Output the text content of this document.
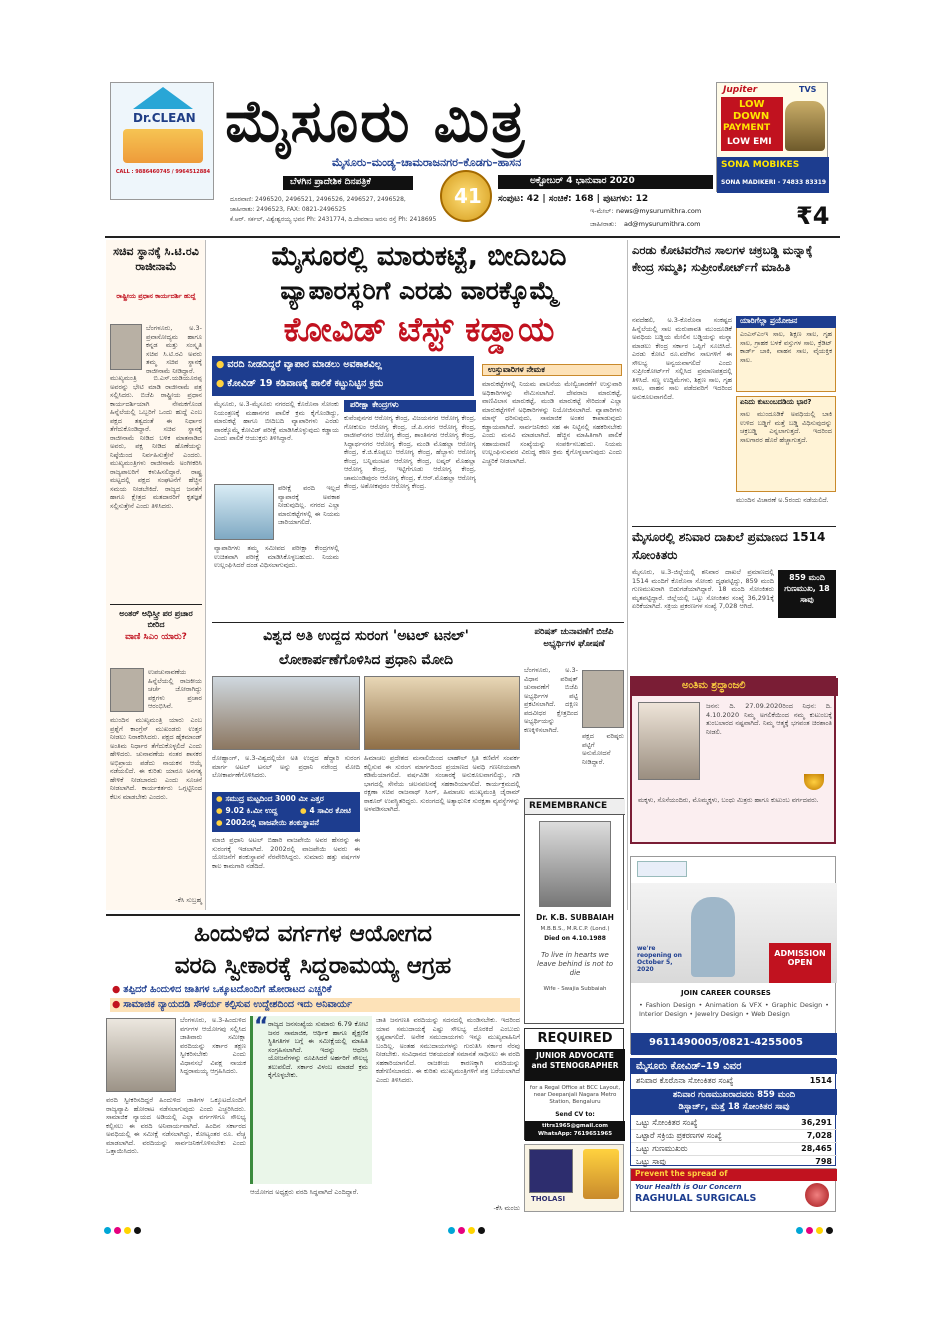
Dr.CLEAN
CALL : 9886460745 / 9964512884
ಮೈಸೂರು ಮಿತ್ರ
ಮೈಸೂರು–ಮಂಡ್ಯ–ಚಾಮರಾಜನಗರ–ಕೊಡಗು–ಹಾಸನ
ಬೆಳಗಿನ ಪ್ರಾದೇಶಿಕ ದಿನಪತ್ರಿಕೆ
41
ಅಕ್ಟೋಬರ್ 4 ಭಾನುವಾರ 2020
ಸಂಪುಟ: 42 | ಸಂಚಿಕೆ: 168 | ಪುಟಗಳು: 12
Jupiter	TVS
LOW
DOWN
PAYMENT
LOW EMI
SONA MOBIKES
SONA MADIKERI - 74833 83319
ದೂರವಾಣಿ: 2496520, 2496521, 2496526, 2496527, 2496528,
ಜಾಹೀರಾತು: 2496523, FAX: 0821-2496525
ಕೆ.ಆರ್. ಸರ್ಕಲ್, ವಿಶ್ವೇಶ್ವರಯ್ಯ ಭವನ Ph: 2431774, ದಿ.ದೇವರಾಜ ಅರಸು ರಸ್ತೆ Ph: 2418695
ಇ-ಮೇಲ್: news@mysurumithra.com
ಜಾಹೀರಾತು: ad@mysurumithra.com	₹4
ಸಚಿವ ಸ್ಥಾನಕ್ಕೆ ಸಿ.ಟಿ.ರವಿ ರಾಜೀನಾಮೆ
ರಾಷ್ಟ್ರೀಯ ಪ್ರಧಾನ ಕಾರ್ಯದರ್ಶಿ ಹುದ್ದೆ
ಬೆಂಗಳೂರು, ಅ.3-ಪ್ರವಾಸೋದ್ಯಮ ಹಾಗೂ ಕನ್ನಡ ಮತ್ತು ಸಂಸ್ಕೃತಿ ಸಚಿವ ಸಿ.ಟಿ.ರವಿ ಅವರು ತಮ್ಮ ಸಚಿವ ಸ್ಥಾನಕ್ಕೆ ರಾಜೀನಾಮೆ ನೀಡಿದ್ದಾರೆ.
ಮುಖ್ಯಮಂತ್ರಿ ಬಿ.ಎಸ್.ಯಡಿಯೂರಪ್ಪ ಅವರನ್ನು ಭೇಟಿ ಮಾಡಿ ರಾಜೀನಾಮೆ ಪತ್ರ ಸಲ್ಲಿಸಿದರು. ಬಿಜೆಪಿ ರಾಷ್ಟ್ರೀಯ ಪ್ರಧಾನ ಕಾರ್ಯದರ್ಶಿಯಾಗಿ ನೇಮಕಗೊಂಡ ಹಿನ್ನೆಲೆಯಲ್ಲಿ ಒಬ್ಬರಿಗೆ ಒಂದು ಹುದ್ದೆ ಎಂಬ ಪಕ್ಷದ ತತ್ವದಂತೆ ಈ ನಿರ್ಧಾರ ತೆಗೆದುಕೊಂಡಿದ್ದಾರೆ. ಸಚಿವ ಸ್ಥಾನಕ್ಕೆ ರಾಜೀನಾಮೆ ನೀಡಿದ ಬಳಿಕ ಮಾತನಾಡಿದ ಅವರು, ಪಕ್ಷ ನೀಡಿದ ಹೊಣೆಯನ್ನು ನಿಷ್ಠೆಯಿಂದ ನಿರ್ವಹಿಸುತ್ತೇನೆ ಎಂದರು. ಮುಖ್ಯಮಂತ್ರಿಗಳು ರಾಜೀನಾಮೆ ಅಂಗೀಕರಿಸಿ ರಾಜ್ಯಪಾಲರಿಗೆ ಕಳುಹಿಸಲಿದ್ದಾರೆ. ರಾಷ್ಟ್ರ ಮಟ್ಟದಲ್ಲಿ ಪಕ್ಷದ ಸಂಘಟನೆಗೆ ಹೆಚ್ಚಿನ ಸಮಯ ನೀಡಬೇಕಿದೆ. ರಾಜ್ಯದ ಜನತೆಗೆ ಹಾಗೂ ಕ್ಷೇತ್ರದ ಮತದಾರರಿಗೆ ಕೃತಜ್ಞತೆ ಸಲ್ಲಿಸುತ್ತೇನೆ ಎಂದು ತಿಳಿಸಿದರು.
ಅಂತರ್ ಅಧಿಸ್ತ್ರೀ ಪರ ಪ್ರಚಾರ ಬೀರಿದ
ವಾಣಿ ಸಿಎಂ ಯಾರು?
ಉಪಚುನಾವಣೆಯ ಹಿನ್ನೆಲೆಯಲ್ಲಿ ರಾಜಕೀಯ ಚರ್ಚೆ ಜೋರಾಗಿದ್ದು ಪಕ್ಷಗಳು ಪ್ರಚಾರ ಆರಂಭಿಸಿವೆ.
ಮುಂದಿನ ಮುಖ್ಯಮಂತ್ರಿ ಯಾರು ಎಂಬ ಪ್ರಶ್ನೆಗೆ ಕಾಂಗ್ರೆಸ್ ಮುಖಂಡರು ಉತ್ತರ ನೀಡಲು ನಿರಾಕರಿಸಿದರು. ಪಕ್ಷದ ಹೈಕಮಾಂಡ್ ಅಂತಿಮ ನಿರ್ಧಾರ ತೆಗೆದುಕೊಳ್ಳಲಿದೆ ಎಂದು ಹೇಳಿದರು. ಚುನಾವಣೆಯ ನಂತರ ಶಾಸಕರ ಅಭಿಪ್ರಾಯ ಪಡೆದು ನಾಯಕನ ಆಯ್ಕೆ ನಡೆಯಲಿದೆ. ಈ ಕುರಿತು ಯಾರೂ ಅನಗತ್ಯ ಹೇಳಿಕೆ ನೀಡಬಾರದು ಎಂದು ಸೂಚನೆ ನೀಡಲಾಗಿದೆ. ಕಾರ್ಯಕರ್ತರು ಒಗ್ಗಟ್ಟಿನಿಂದ ಕೆಲಸ ಮಾಡಬೇಕು ಎಂದರು.
-ಕೆಸಿ ಸುಬ್ರಹ್ಮ
ಮೈಸೂರಲ್ಲಿ ಮಾರುಕಟ್ಟೆ, ಬೀದಿಬದಿ
ವ್ಯಾಪಾರಸ್ಥರಿಗೆ ಎರಡು ವಾರಕ್ಕೊಮ್ಮೆ
ಕೋವಿಡ್ ಟೆಸ್ಟ್ ಕಡ್ಡಾಯ
● ವರದಿ ನೀಡದಿದ್ದರೆ ವ್ಯಾಪಾರ ಮಾಡಲು ಅವಕಾಶವಿಲ್ಲ
● ಕೋವಿಡ್ 19 ಕಡಿವಾಣಕ್ಕೆ ಪಾಲಿಕೆ ಕಟ್ಟುನಿಟ್ಟಿನ ಕ್ರಮ
ಮೈಸೂರು, ಅ.3-ಮೈಸೂರು ನಗರದಲ್ಲಿ ಕೊರೊನಾ ಸೋಂಕು ನಿಯಂತ್ರಣಕ್ಕೆ ಮಹಾನಗರ ಪಾಲಿಕೆ ಕ್ರಮ ಕೈಗೊಂಡಿದ್ದು, ಮಾರುಕಟ್ಟೆ ಹಾಗೂ ಬೀದಿಬದಿ ವ್ಯಾಪಾರಿಗಳು ಎರಡು ವಾರಕ್ಕೊಮ್ಮೆ ಕೋವಿಡ್ ಪರೀಕ್ಷೆ ಮಾಡಿಸಿಕೊಳ್ಳುವುದು ಕಡ್ಡಾಯ ಎಂದು ಪಾಲಿಕೆ ಆಯುಕ್ತರು ತಿಳಿಸಿದ್ದಾರೆ.
ಪರೀಕ್ಷೆ ವರದಿ ಇಲ್ಲದೆ ವ್ಯಾಪಾರಕ್ಕೆ ಅವಕಾಶ ನೀಡುವುದಿಲ್ಲ. ನಗರದ ಎಲ್ಲಾ ಮಾರುಕಟ್ಟೆಗಳಲ್ಲಿ ಈ ನಿಯಮ ಜಾರಿಯಾಗಲಿದೆ.
ವ್ಯಾಪಾರಿಗಳು ತಮ್ಮ ಸಮೀಪದ ಪರೀಕ್ಷಾ ಕೇಂದ್ರಗಳಲ್ಲಿ ಉಚಿತವಾಗಿ ಪರೀಕ್ಷೆ ಮಾಡಿಸಿಕೊಳ್ಳಬಹುದು. ನಿಯಮ ಉಲ್ಲಂಘಿಸಿದರೆ ದಂಡ ವಿಧಿಸಲಾಗುವುದು.
ಪರೀಕ್ಷಾ ಕೇಂದ್ರಗಳು
ಕುವೆಂಪುನಗರ ಆರೋಗ್ಯ ಕೇಂದ್ರ, ವಿಜಯನಗರ ಆರೋಗ್ಯ ಕೇಂದ್ರ, ಗೋಕುಲಂ ಆರೋಗ್ಯ ಕೇಂದ್ರ, ಜೆ.ಪಿ.ನಗರ ಆರೋಗ್ಯ ಕೇಂದ್ರ, ರಾಜೀವ್‌ನಗರ ಆರೋಗ್ಯ ಕೇಂದ್ರ, ಶಾಂತಿನಗರ ಆರೋಗ್ಯ ಕೇಂದ್ರ, ಸಿದ್ದಾರ್ಥನಗರ ಆರೋಗ್ಯ ಕೇಂದ್ರ, ಮಂಡಿ ಮೊಹಲ್ಲಾ ಆರೋಗ್ಯ ಕೇಂದ್ರ, ಕೆ.ಜಿ.ಕೊಪ್ಪಲು ಆರೋಗ್ಯ ಕೇಂದ್ರ, ಹೆಬ್ಬಾಳು ಆರೋಗ್ಯ ಕೇಂದ್ರ, ಬನ್ನಿಮಂಟಪ ಆರೋಗ್ಯ ಕೇಂದ್ರ, ಲಷ್ಕರ್ ಮೊಹಲ್ಲಾ ಆರೋಗ್ಯ ಕೇಂದ್ರ, ಇಟ್ಟಿಗೆಗೂಡು ಆರೋಗ್ಯ ಕೇಂದ್ರ, ಚಾಮುಂಡಿಪುರಂ ಆರೋಗ್ಯ ಕೇಂದ್ರ, ಕೆ.ಆರ್.ಮೊಹಲ್ಲಾ ಆರೋಗ್ಯ ಕೇಂದ್ರ, ಅಶೋಕಪುರಂ ಆರೋಗ್ಯ ಕೇಂದ್ರ.
ಉಸ್ತುವಾರಿಗಳ ನೇಮಕ
ಮಾರುಕಟ್ಟೆಗಳಲ್ಲಿ ನಿಯಮ ಪಾಲನೆಯ ಮೇಲ್ವಿಚಾರಣೆಗೆ ಉಸ್ತುವಾರಿ ಅಧಿಕಾರಿಗಳನ್ನು ನೇಮಿಸಲಾಗಿದೆ. ದೇವರಾಜ ಮಾರುಕಟ್ಟೆ, ವಾಣಿವಿಲಾಸ ಮಾರುಕಟ್ಟೆ, ಮಂಡಿ ಮಾರುಕಟ್ಟೆ ಸೇರಿದಂತೆ ಎಲ್ಲಾ ಮಾರುಕಟ್ಟೆಗಳಿಗೆ ಅಧಿಕಾರಿಗಳನ್ನು ನಿಯೋಜಿಸಲಾಗಿದೆ. ವ್ಯಾಪಾರಿಗಳು ಮಾಸ್ಕ್ ಧರಿಸುವುದು, ಸಾಮಾಜಿಕ ಅಂತರ ಕಾಪಾಡುವುದು ಕಡ್ಡಾಯವಾಗಿದೆ. ಸಾರ್ವಜನಿಕರು ಸಹ ಈ ನಿಟ್ಟಿನಲ್ಲಿ ಸಹಕರಿಸಬೇಕು ಎಂದು ಮನವಿ ಮಾಡಲಾಗಿದೆ. ಹೆಚ್ಚಿನ ಮಾಹಿತಿಗಾಗಿ ಪಾಲಿಕೆ ಸಹಾಯವಾಣಿ ಸಂಖ್ಯೆಯನ್ನು ಸಂಪರ್ಕಿಸಬಹುದು. ನಿಯಮ ಉಲ್ಲಂಘಿಸುವವರ ವಿರುದ್ಧ ಕಠಿಣ ಕ್ರಮ ಕೈಗೊಳ್ಳಲಾಗುವುದು ಎಂದು ಎಚ್ಚರಿಕೆ ನೀಡಲಾಗಿದೆ.
ಎರಡು ಕೋಟಿವರೆಗಿನ ಸಾಲಗಳ ಚಕ್ರಬಡ್ಡಿ ಮನ್ನಾಕ್ಕೆ ಕೇಂದ್ರ ಸಮ್ಮತಿ; ಸುಪ್ರೀಂಕೋರ್ಟ್‌ಗೆ ಮಾಹಿತಿ
ನವದೆಹಲಿ, ಅ.3-ಕೊರೊನಾ ಸಂಕಷ್ಟದ ಹಿನ್ನೆಲೆಯಲ್ಲಿ ಸಾಲ ಮರುಪಾವತಿ ಮುಂದೂಡಿಕೆ ಅವಧಿಯ ಬಡ್ಡಿಯ ಮೇಲಿನ ಬಡ್ಡಿಯನ್ನು ಮನ್ನಾ ಮಾಡಲು ಕೇಂದ್ರ ಸರ್ಕಾರ ಒಪ್ಪಿಗೆ ಸೂಚಿಸಿದೆ. ಎರಡು ಕೋಟಿ ರೂ.ವರೆಗಿನ ಸಾಲಗಳಿಗೆ ಈ ಸೌಲಭ್ಯ ಅನ್ವಯವಾಗಲಿದೆ ಎಂದು ಸುಪ್ರೀಂಕೋರ್ಟ್‌ಗೆ ಸಲ್ಲಿಸಿದ ಪ್ರಮಾಣಪತ್ರದಲ್ಲಿ ತಿಳಿಸಿದೆ. ಸಣ್ಣ ಉದ್ದಿಮೆಗಳು, ಶಿಕ್ಷಣ ಸಾಲ, ಗೃಹ ಸಾಲ, ವಾಹನ ಸಾಲ ಪಡೆದವರಿಗೆ ಇದರಿಂದ ಅನುಕೂಲವಾಗಲಿದೆ.
ಯಾರಿಗೆಲ್ಲಾ ಪ್ರಯೋಜನ
ಎಂಎಸ್‌ಎಂಇ ಸಾಲ, ಶಿಕ್ಷಣ ಸಾಲ, ಗೃಹ ಸಾಲ, ಗ್ರಾಹಕ ಬಳಕೆ ವಸ್ತುಗಳ ಸಾಲ, ಕ್ರೆಡಿಟ್ ಕಾರ್ಡ್ ಬಾಕಿ, ವಾಹನ ಸಾಲ, ವೈಯಕ್ತಿಕ ಸಾಲ.
ಏನಿದು ಕುಟುಂಬದಡಿಯ ಭಾರ?
ಸಾಲ ಮುಂದೂಡಿಕೆ ಅವಧಿಯಲ್ಲಿ ಬಾಕಿ ಉಳಿದ ಬಡ್ಡಿಗೆ ಮತ್ತೆ ಬಡ್ಡಿ ವಿಧಿಸುವುದನ್ನು ಚಕ್ರಬಡ್ಡಿ ಎನ್ನಲಾಗುತ್ತದೆ. ಇದರಿಂದ ಸಾಲಗಾರರ ಹೊರೆ ಹೆಚ್ಚಾಗುತ್ತದೆ.
ಮುಂದಿನ ವಿಚಾರಣೆ ಅ.5ರಂದು ನಡೆಯಲಿದೆ.
ಮೈಸೂರಲ್ಲಿ ಶನಿವಾರ ದಾಖಲೆ ಪ್ರಮಾಣದ 1514 ಸೋಂಕಿತರು
ಮೈಸೂರು, ಅ.3-ಜಿಲ್ಲೆಯಲ್ಲಿ ಶನಿವಾರ ದಾಖಲೆ ಪ್ರಮಾಣದಲ್ಲಿ 1514 ಮಂದಿಗೆ ಕೊರೊನಾ ಸೋಂಕು ದೃಢಪಟ್ಟಿದ್ದು, 859 ಮಂದಿ ಗುಣಮುಖರಾಗಿ ಬಿಡುಗಡೆಯಾಗಿದ್ದಾರೆ. 18 ಮಂದಿ ಸೋಂಕಿತರು ಮೃತಪಟ್ಟಿದ್ದಾರೆ. ಜಿಲ್ಲೆಯಲ್ಲಿ ಒಟ್ಟು ಸೋಂಕಿತರ ಸಂಖ್ಯೆ 36,291ಕ್ಕೆ ಏರಿಕೆಯಾಗಿದೆ. ಸಕ್ರಿಯ ಪ್ರಕರಣಗಳ ಸಂಖ್ಯೆ 7,028 ಆಗಿದೆ.
859 ಮಂದಿ ಗುಣಮುಖ, 18 ಸಾವು
ಅಂತಿಮ ಶ್ರದ್ಧಾಂಜಲಿ
ಜನನ: ದಿ. 27.09.2020ರಿಂದ ನಿಧನ: ದಿ. 4.10.2020 ನಿಮ್ಮ ಅಗಲಿಕೆಯಿಂದ ನಮ್ಮ ಕುಟುಂಬಕ್ಕೆ ತುಂಬಲಾರದ ನಷ್ಟವಾಗಿದೆ. ನಿಮ್ಮ ಆತ್ಮಕ್ಕೆ ಭಗವಂತ ಚಿರಶಾಂತಿ ನೀಡಲಿ.
ಮಕ್ಕಳು, ಸೊಸೆಯಂದಿರು, ಮೊಮ್ಮಕ್ಕಳು, ಬಂಧು ಮಿತ್ರರು ಹಾಗೂ ಕುಟುಂಬ ವರ್ಗದವರು.
we're reopening on October 5, 2020
ADMISSION OPEN
JOIN CAREER COURSES
• Fashion Design • Animation & VFX • Graphic Design • Interior Design • Jewelry Design • Web Design
9611490005/0821-4255005
ವಿಶ್ವದ ಅತಿ ಉದ್ದದ ಸುರಂಗ 'ಅಟಲ್ ಟನಲ್'
ಲೋಕಾರ್ಪಣೆಗೊಳಿಸಿದ ಪ್ರಧಾನಿ ಮೋದಿ
ರೋಹ್ಟಾಂಗ್, ಅ.3-ವಿಶ್ವದಲ್ಲಿಯೇ ಅತಿ ಉದ್ದದ ಹೆದ್ದಾರಿ ಸುರಂಗ ಮಾರ್ಗ ಅಟಲ್ ಟನಲ್ ಅನ್ನು ಪ್ರಧಾನಿ ನರೇಂದ್ರ ಮೋದಿ ಲೋಕಾರ್ಪಣೆಗೊಳಿಸಿದರು.
ಹಿಮಾಚಲ ಪ್ರದೇಶದ ಮನಾಲಿಯಿಂದ ಲಾಹೌಲ್ ಸ್ಪಿತಿ ಕಣಿವೆಗೆ ಸಂಪರ್ಕ ಕಲ್ಪಿಸುವ ಈ ಸುರಂಗ ಮಾರ್ಗದಿಂದ ಪ್ರಯಾಣದ ಅವಧಿ ಗಣನೀಯವಾಗಿ ಕಡಿಮೆಯಾಗಲಿದೆ. ವರ್ಷವಿಡೀ ಸಂಚಾರಕ್ಕೆ ಅನುಕೂಲವಾಗಲಿದ್ದು, ಗಡಿ ಭಾಗದಲ್ಲಿ ಸೇನೆಯ ಚಲನವಲನಕ್ಕೆ ಸಹಕಾರಿಯಾಗಲಿದೆ. ಕಾರ್ಯಕ್ರಮದಲ್ಲಿ ರಕ್ಷಣಾ ಸಚಿವ ರಾಜನಾಥ್ ಸಿಂಗ್, ಹಿಮಾಚಲ ಮುಖ್ಯಮಂತ್ರಿ ಜೈರಾಮ್ ಠಾಕೂರ್ ಉಪಸ್ಥಿತರಿದ್ದರು. ಸುರಂಗದಲ್ಲಿ ಅತ್ಯಾಧುನಿಕ ಸುರಕ್ಷತಾ ವ್ಯವಸ್ಥೆಗಳನ್ನು ಅಳವಡಿಸಲಾಗಿದೆ.
● ಸಮುದ್ರ ಮಟ್ಟದಿಂದ 3000 ಮೀ ಎತ್ತರ
● 9.02 ಕಿ.ಮೀ ಉದ್ದ	● 4 ಸಾವಿರ ಕೋಟಿ
● 2002ರಲ್ಲಿ ವಾಜಪೇಯಿ ಶಂಕುಸ್ಥಾಪನೆ
ಮಾಜಿ ಪ್ರಧಾನಿ ಅಟಲ್ ಬಿಹಾರಿ ವಾಜಪೇಯಿ ಅವರ ಹೆಸರನ್ನು ಈ ಸುರಂಗಕ್ಕೆ ಇಡಲಾಗಿದೆ. 2002ರಲ್ಲಿ ವಾಜಪೇಯಿ ಅವರು ಈ ಯೋಜನೆಗೆ ಶಂಕುಸ್ಥಾಪನೆ ನೆರವೇರಿಸಿದ್ದರು. ಸುಮಾರು ಹತ್ತು ವರ್ಷಗಳ ಕಾಲ ಕಾಮಗಾರಿ ನಡೆದಿದೆ.
ಪರಿಷತ್ ಚುನಾವಣೆಗೆ ಬಿಜೆಪಿ ಅಭ್ಯರ್ಥಿಗಳ ಘೋಷಣೆ
ಬೆಂಗಳೂರು, ಅ.3-ವಿಧಾನ ಪರಿಷತ್ ಚುನಾವಣೆಗೆ ಬಿಜೆಪಿ ಅಭ್ಯರ್ಥಿಗಳ ಪಟ್ಟಿ ಪ್ರಕಟಿಸಲಾಗಿದೆ. ದಕ್ಷಿಣ ಪದವೀಧರ ಕ್ಷೇತ್ರದಿಂದ ಅಭ್ಯರ್ಥಿಯನ್ನು ಕಣಕ್ಕಿಳಿಸಲಾಗಿದೆ.
ಪಕ್ಷದ ವರಿಷ್ಠರು ಪಟ್ಟಿಗೆ ಅನುಮೋದನೆ ನೀಡಿದ್ದಾರೆ.
REMEMBRANCE
Dr. K.B. SUBBAIAH
M.B.B.S., M.R.C.P. (Lond.)
Died on 4.10.1988
To live in hearts we leave behind is not to die
Wife - Swajia Subbaiah
REQUIRED
JUNIOR ADVOCATE and STENOGRAPHER
for a Regal Office at BCC Layout, near Deepanjali Nagara Metro Station, Bengaluru
Send CV to:
titrs1965@gmail.com WhatsApp: 7619651965
THOLASI
ಹಿಂದುಳಿದ ವರ್ಗಗಳ ಆಯೋಗದ
ವರದಿ ಸ್ವೀಕಾರಕ್ಕೆ ಸಿದ್ದರಾಮಯ್ಯ ಆಗ್ರಹ
● ತಪ್ಪಿದರೆ ಹಿಂದುಳಿದ ಜಾತಿಗಳ ಒಕ್ಕೂಟದೊಂದಿಗೆ ಹೋರಾಟದ ಎಚ್ಚರಿಕೆ
● ಸಾಮಾಜಿಕ ನ್ಯಾಯದಡಿ ಸೌಕರ್ಯ ಕಲ್ಪಿಸುವ ಉದ್ದೇಶದಿಂದ ಇದು ಅನಿವಾರ್ಯ
ಬೆಂಗಳೂರು, ಅ.3-ಹಿಂದುಳಿದ ವರ್ಗಗಳ ಆಯೋಗವು ಸಲ್ಲಿಸಿದ ಜಾತಿವಾರು ಸಮೀಕ್ಷಾ ವರದಿಯನ್ನು ಸರ್ಕಾರ ತಕ್ಷಣ ಸ್ವೀಕರಿಸಬೇಕು ಎಂದು ವಿಧಾನಸಭೆ ವಿಪಕ್ಷ ನಾಯಕ ಸಿದ್ದರಾಮಯ್ಯ ಆಗ್ರಹಿಸಿದರು.
ವರದಿ ಸ್ವೀಕರಿಸದಿದ್ದರೆ ಹಿಂದುಳಿದ ಜಾತಿಗಳ ಒಕ್ಕೂಟದೊಂದಿಗೆ ರಾಜ್ಯವ್ಯಾಪಿ ಹೋರಾಟ ನಡೆಸಲಾಗುವುದು ಎಂದು ಎಚ್ಚರಿಸಿದರು. ಸಾಮಾಜಿಕ ನ್ಯಾಯದ ಅಡಿಯಲ್ಲಿ ಎಲ್ಲಾ ವರ್ಗಗಳಿಗೂ ಸೌಲಭ್ಯ ಕಲ್ಪಿಸಲು ಈ ವರದಿ ಅನಿವಾರ್ಯವಾಗಿದೆ. ಹಿಂದಿನ ಸರ್ಕಾರದ ಅವಧಿಯಲ್ಲಿ ಈ ಸಮೀಕ್ಷೆ ನಡೆಸಲಾಗಿದ್ದು, ಕೋಟ್ಯಂತರ ರೂ. ವೆಚ್ಚ ಮಾಡಲಾಗಿದೆ. ವರದಿಯನ್ನು ಸಾರ್ವಜನಿಕಗೊಳಿಸಬೇಕು ಎಂದು ಒತ್ತಾಯಿಸಿದರು.
“ ರಾಜ್ಯದ ಜನಸಂಖ್ಯೆಯ ಸುಮಾರು 6.79 ಕೋಟಿ ಜನರ ಸಾಮಾಜಿಕ, ಆರ್ಥಿಕ ಹಾಗೂ ಶೈಕ್ಷಣಿಕ ಸ್ಥಿತಿಗತಿಗಳ ಬಗ್ಗೆ ಈ ಸಮೀಕ್ಷೆಯಲ್ಲಿ ಮಾಹಿತಿ ಸಂಗ್ರಹಿಸಲಾಗಿದೆ. ಇದನ್ನು ಆಧರಿಸಿ ಯೋಜನೆಗಳನ್ನು ರೂಪಿಸಿದರೆ ಅರ್ಹರಿಗೆ ಸೌಲಭ್ಯ ತಲುಪಲಿದೆ. ಸರ್ಕಾರ ವಿಳಂಬ ಮಾಡದೆ ಕ್ರಮ ಕೈಗೊಳ್ಳಬೇಕು.
ಆಯೋಗದ ಅಧ್ಯಕ್ಷರು ವರದಿ ಸಿದ್ಧವಾಗಿದೆ ಎಂದಿದ್ದಾರೆ.
ಜಾತಿ ಜನಗಣತಿ ವರದಿಯನ್ನು ಸದನದಲ್ಲಿ ಮಂಡಿಸಬೇಕು. ಇದರಿಂದ ಯಾವ ಸಮುದಾಯಕ್ಕೆ ಎಷ್ಟು ಸೌಲಭ್ಯ ದೊರಕಿದೆ ಎಂಬುದು ಸ್ಪಷ್ಟವಾಗಲಿದೆ. ಅನೇಕ ಸಮುದಾಯಗಳು ಇನ್ನೂ ಮುಖ್ಯವಾಹಿನಿಗೆ ಬಂದಿಲ್ಲ. ಅಂತಹ ಸಮುದಾಯಗಳನ್ನು ಗುರುತಿಸಿ ಸರ್ಕಾರ ನೆರವು ನೀಡಬೇಕು. ಸಂವಿಧಾನದ ಆಶಯದಂತೆ ಸಮಾನತೆ ಸಾಧಿಸಲು ಈ ವರದಿ ಸಹಕಾರಿಯಾಗಲಿದೆ. ರಾಜಕೀಯ ಕಾರಣಕ್ಕಾಗಿ ವರದಿಯನ್ನು ಕಡೆಗಣಿಸಬಾರದು. ಈ ಕುರಿತು ಮುಖ್ಯಮಂತ್ರಿಗಳಿಗೆ ಪತ್ರ ಬರೆಯಲಾಗಿದೆ ಎಂದು ತಿಳಿಸಿದರು.
-ಕೆಸಿ ಮಂಜು
ಮೈಸೂರು ಕೋವಿಡ್–19 ವಿವರ
ಶನಿವಾರ ಕೊರೊನಾ ಸೋಂಕಿತರ ಸಂಖ್ಯೆ	1514
ಶನಿವಾರ ಗುಣಮುಖರಾದವರು 859 ಮಂದಿ
ಡಿಸ್ಚಾರ್ಜ್, ಮತ್ತೆ 18 ಸೋಂಕಿತರ ಸಾವು
ಒಟ್ಟು ಸೋಂಕಿತರ ಸಂಖ್ಯೆ	36,291
ಒಟ್ಟಾರೆ ಸಕ್ರಿಯ ಪ್ರಕರಣಗಳ ಸಂಖ್ಯೆ	7,028
ಒಟ್ಟು ಗುಣಮುಖರು	28,465
ಒಟ್ಟು ಸಾವು	798
Prevent the spread of
Your Health is Our Concern
RAGHULAL SURGICALS
